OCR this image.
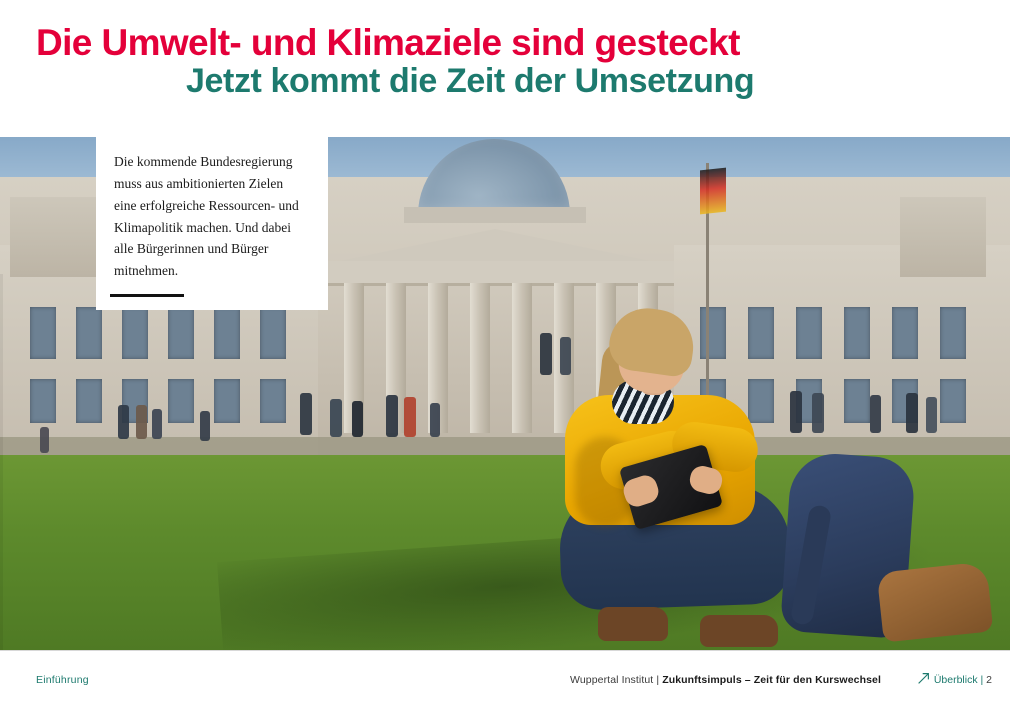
Die Umwelt- und Klimaziele sind gesteckt
Jetzt kommt die Zeit der Umsetzung

Die kommende Bundesregierung muss aus ambitionierten Zielen eine erfolgreiche Ressourcen- und Klimapolitik machen. Und dabei alle Bürgerinnen und Bürger mitnehmen.

Einführung	Wuppertal Institut | Zukunftsimpuls – Zeit für den Kurswechsel	Überblick | 2
